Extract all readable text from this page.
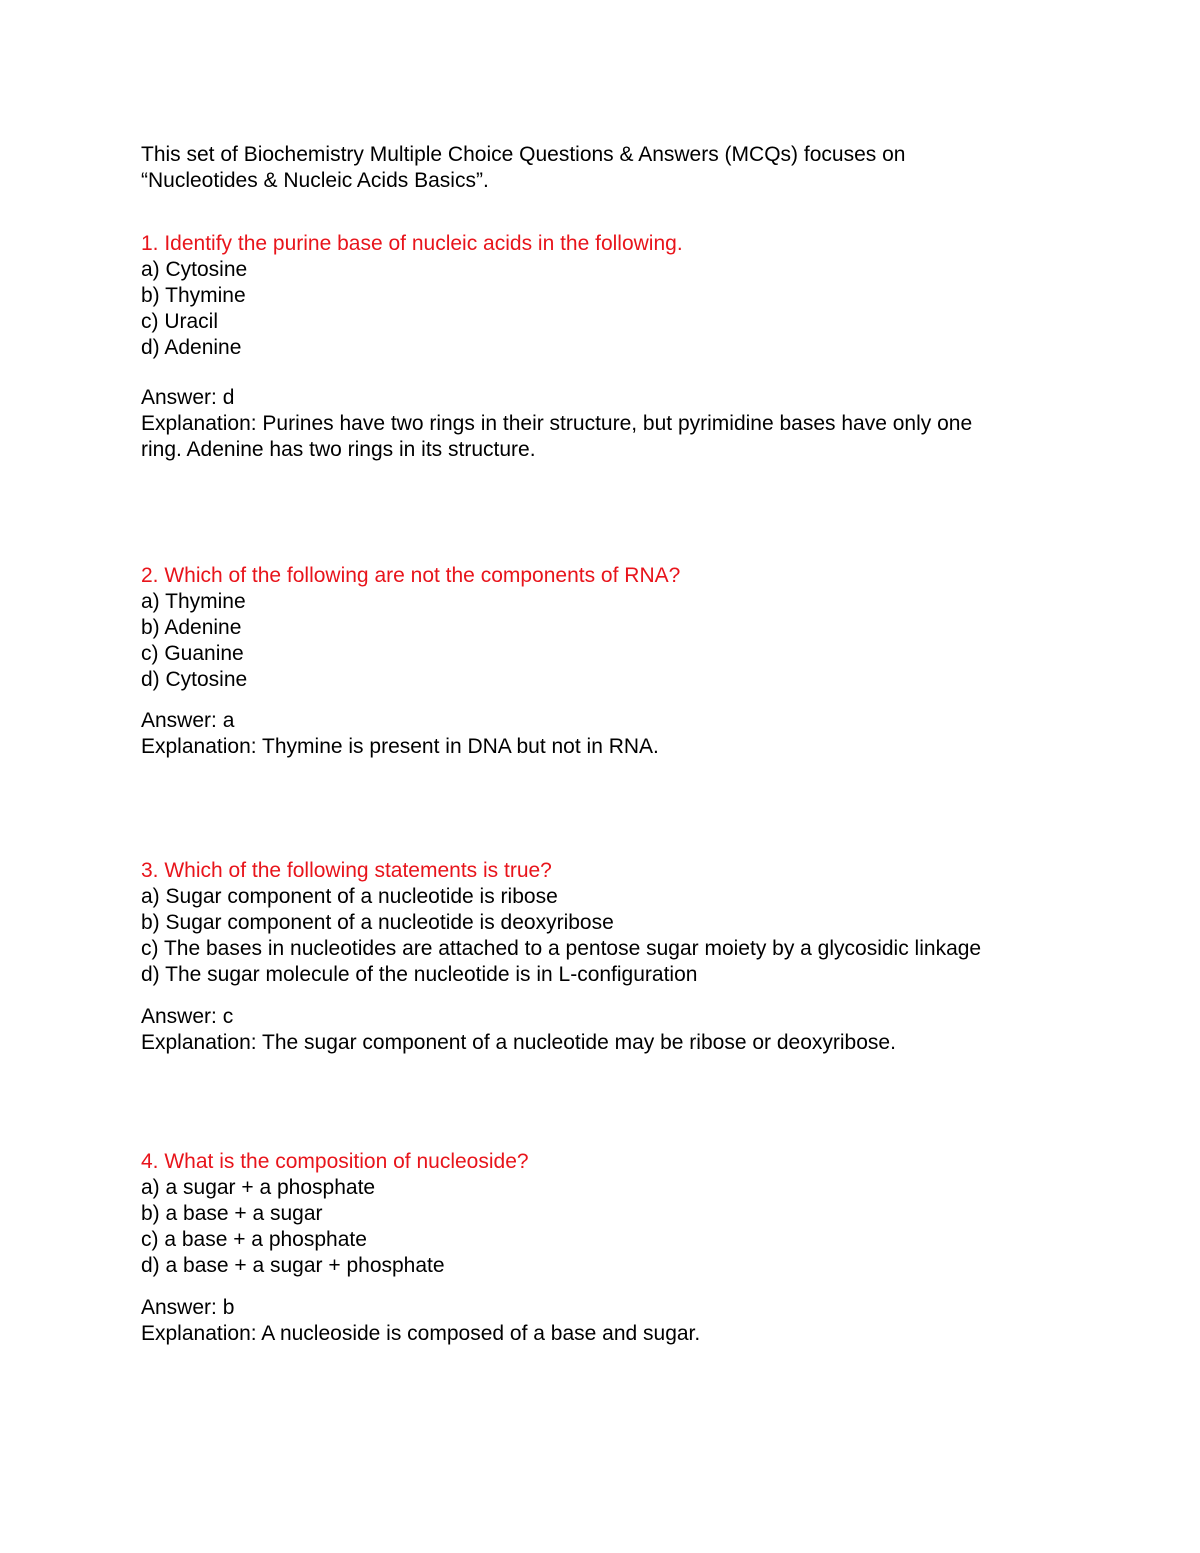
This set of Biochemistry Multiple Choice Questions & Answers (MCQs) focuses on
“Nucleotides & Nucleic Acids Basics”.
1. Identify the purine base of nucleic acids in the following.
a) Cytosine
b) Thymine
c) Uracil
d) Adenine
Answer: d
Explanation: Purines have two rings in their structure, but pyrimidine bases have only one
ring. Adenine has two rings in its structure.
2. Which of the following are not the components of RNA?
a) Thymine
b) Adenine
c) Guanine
d) Cytosine
Answer: a
Explanation: Thymine is present in DNA but not in RNA.
3. Which of the following statements is true?
a) Sugar component of a nucleotide is ribose
b) Sugar component of a nucleotide is deoxyribose
c) The bases in nucleotides are attached to a pentose sugar moiety by a glycosidic linkage
d) The sugar molecule of the nucleotide is in L-configuration
Answer: c
Explanation: The sugar component of a nucleotide may be ribose or deoxyribose.
4. What is the composition of nucleoside?
a) a sugar + a phosphate
b) a base + a sugar
c) a base + a phosphate
d) a base + a sugar + phosphate
Answer: b
Explanation: A nucleoside is composed of a base and sugar.
